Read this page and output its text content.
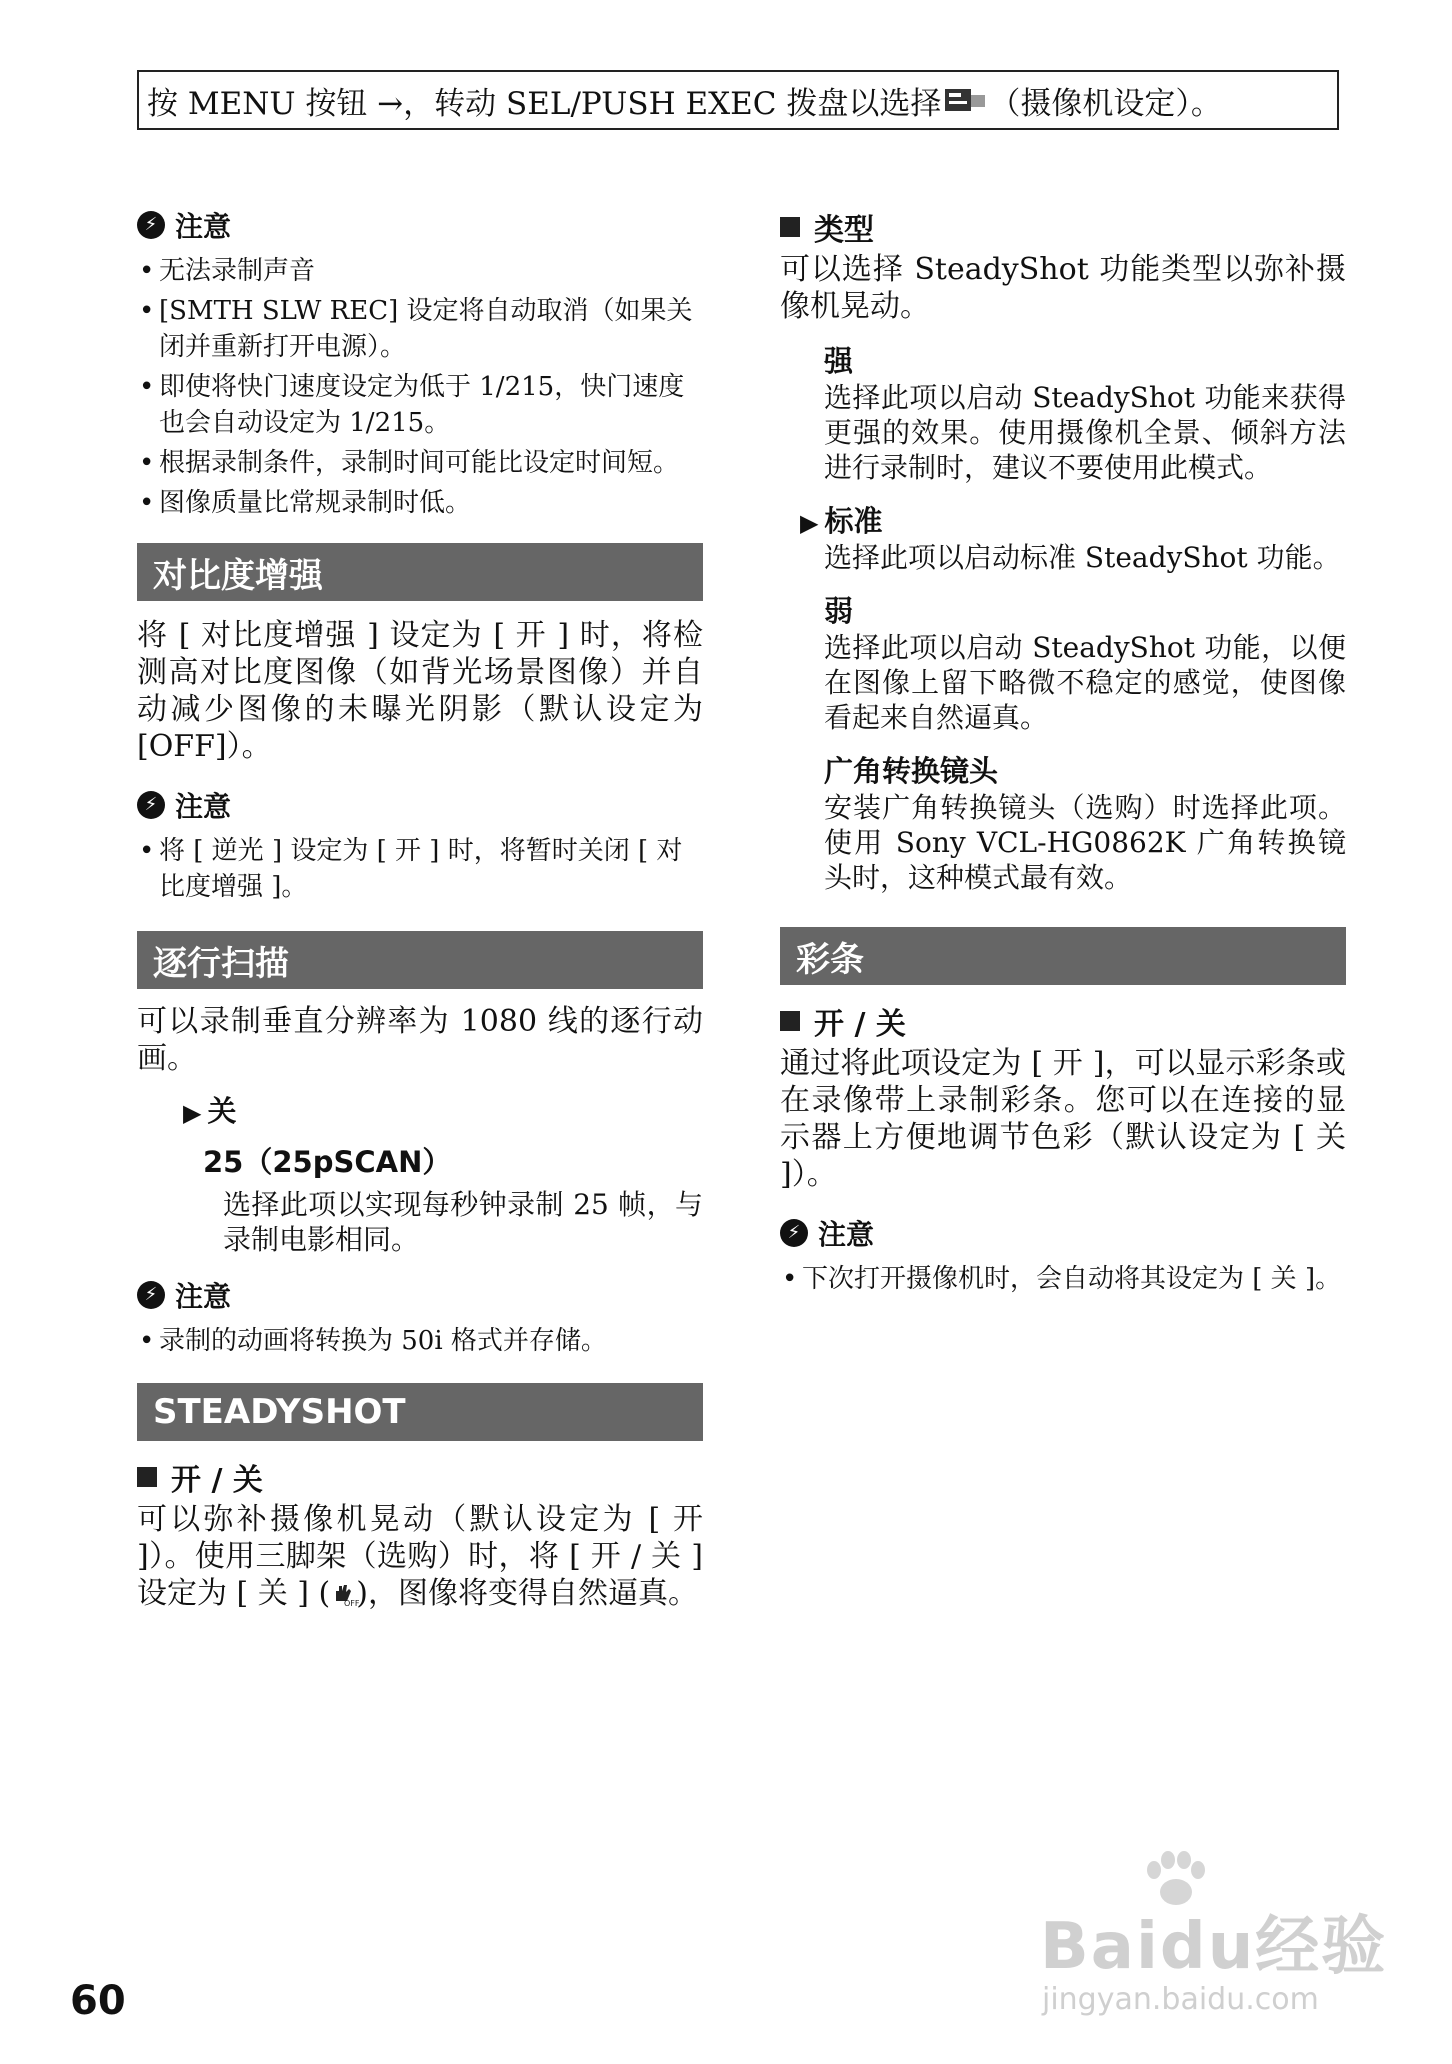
按 MENU 按钮 →，转动 SEL/PUSH EXEC 拨盘以选择 （摄像机设定）。
⚡ 注意
• 无法录制声音
• [SMTH SLW REC] 设定将自动取消（如果关闭并重新打开电源）。
• 即使将快门速度设定为低于 1/215，快门速度也会自动设定为 1/215。
• 根据录制条件，录制时间可能比设定时间短。
• 图像质量比常规录制时低。
对比度增强

将 [ 对比度增强 ] 设定为 [ 开 ] 时，将检测高对比度图像（如背光场景图像）并自动减少图像的未曝光阴影（默认设定为 [OFF]）。

⚡ 注意
• 将 [ 逆光 ] 设定为 [ 开 ] 时，将暂时关闭 [ 对比度增强 ]。
逐行扫描

可以录制垂直分辨率为 1080 线的逐行动画。

▶ 关

25（25pSCAN）

选择此项以实现每秒钟录制 25 帧，与录制电影相同。

⚡ 注意
• 录制的动画将转换为 50i 格式并存储。
STEADYSHOT

开 / 关

可以弥补摄像机晃动（默认设定为 [ 开 ]）。使用三脚架（选购）时，将 [ 开 / 关 ] 设定为 [ 关 ] ( OFF
)，图像将变得自然逼真。

类型

可以选择 SteadyShot 功能类型以弥补摄像机晃动。

强

选择此项以启动 SteadyShot 功能来获得更强的效果。使用摄像机全景、倾斜方法进行录制时，建议不要使用此模式。

▶ 标准

选择此项以启动标准 SteadyShot 功能。

弱

选择此项以启动 SteadyShot 功能，以便在图像上留下略微不稳定的感觉，使图像看起来自然逼真。

广角转换镜头

安装广角转换镜头（选购）时选择此项。使用 Sony VCL-HG0862K 广角转换镜头时，这种模式最有效。

彩条

开 / 关

通过将此项设定为 [ 开 ]，可以显示彩条或在录像带上录制彩条。您可以在连接的显示器上方便地调节色彩（默认设定为 [ 关 ]）。

⚡ 注意
• 下次打开摄像机时，会自动将其设定为 [ 关 ]。
60
Baidu经验
jingyan.baidu.com
